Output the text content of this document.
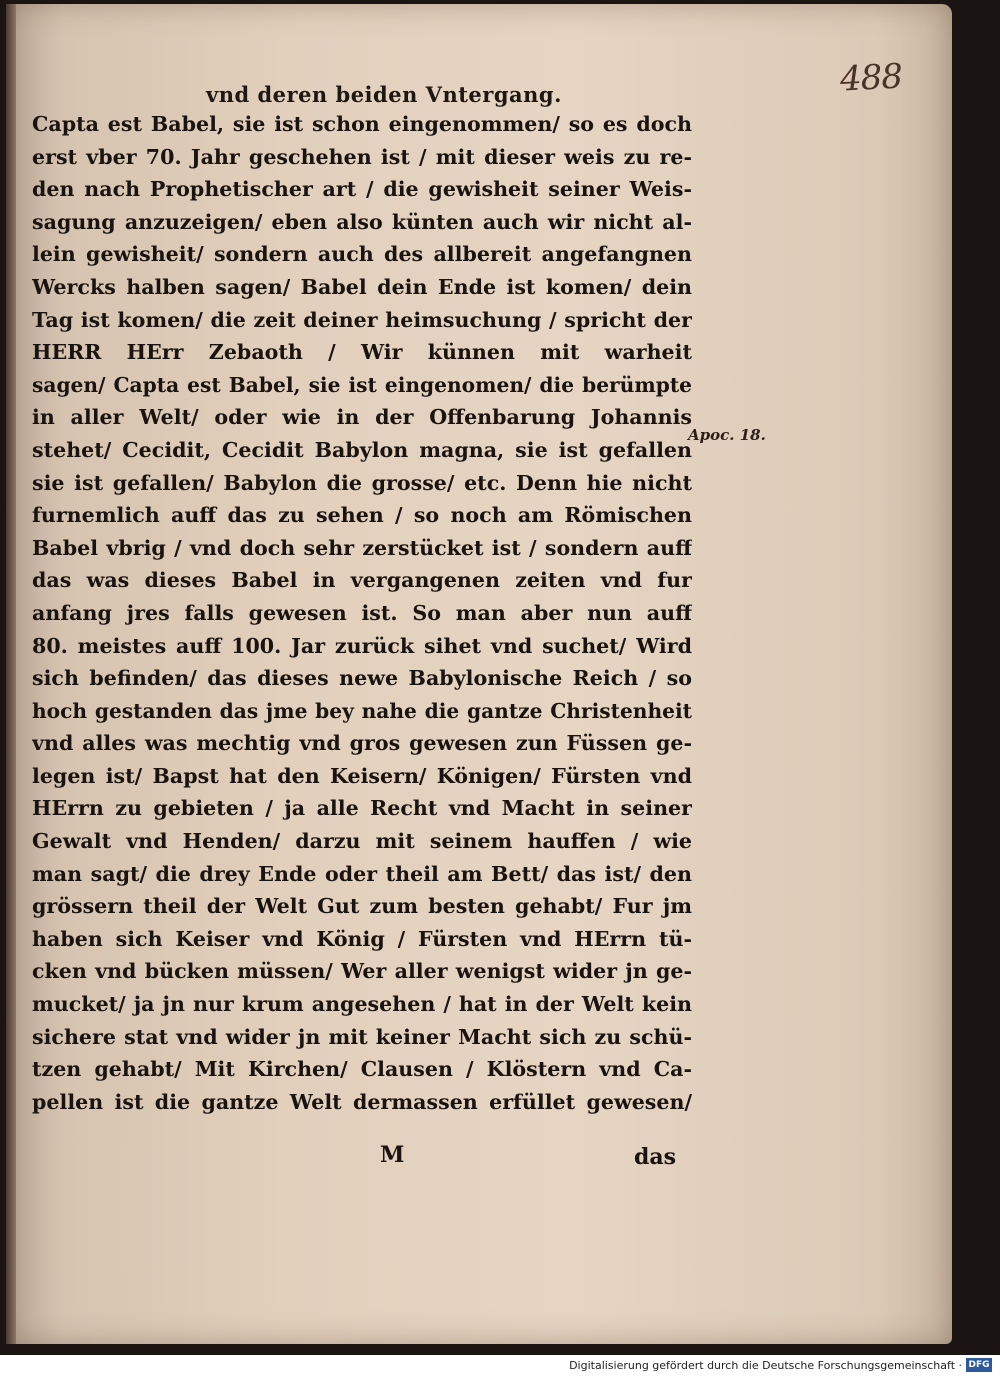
488
vnd deren beiden Vntergang.
Capta est Babel, sie ist schon eingenommen/ so es doch
erst vber 70. Jahr geschehen ist / mit dieser weis zu re-
den nach Prophetischer art / die gewisheit seiner Weis-
sagung anzuzeigen/ eben also künten auch wir nicht al-
lein gewisheit/ sondern auch des allbereit angefangnen
Wercks halben sagen/ Babel dein Ende ist komen/ dein
Tag ist komen/ die zeit deiner heimsuchung / spricht der
HERR HErr Zebaoth / Wir künnen mit warheit
sagen/ Capta est Babel, sie ist eingenomen/ die berümpte
in aller Welt/ oder wie in der Offenbarung Johannis
stehet/ Cecidit, Cecidit Babylon magna, sie ist gefallen
sie ist gefallen/ Babylon die grosse/ etc. Denn hie nicht
furnemlich auff das zu sehen / so noch am Römischen
Babel vbrig / vnd doch sehr zerstücket ist / sondern auff
das was dieses Babel in vergangenen zeiten vnd fur
anfang jres falls gewesen ist. So man aber nun auff
80. meistes auff 100. Jar zurück sihet vnd suchet/ Wird
sich befinden/ das dieses newe Babylonische Reich / so
hoch gestanden das jme bey nahe die gantze Christenheit
vnd alles was mechtig vnd gros gewesen zun Füssen ge-
legen ist/ Bapst hat den Keisern/ Königen/ Fürsten vnd
HErrn zu gebieten / ja alle Recht vnd Macht in seiner
Gewalt vnd Henden/ darzu mit seinem hauffen / wie
man sagt/ die drey Ende oder theil am Bett/ das ist/ den
grössern theil der Welt Gut zum besten gehabt/ Fur jm
haben sich Keiser vnd König / Fürsten vnd HErrn tü-
cken vnd bücken müssen/ Wer aller wenigst wider jn ge-
mucket/ ja jn nur krum angesehen / hat in der Welt kein
sichere stat vnd wider jn mit keiner Macht sich zu schü-
tzen gehabt/ Mit Kirchen/ Clausen / Klöstern vnd Ca-
pellen ist die gantze Welt dermassen erfüllet gewesen/
Apoc. 18.
M	das
Digitalisierung gefördert durch die Deutsche Forschungsgemeinschaft · DFG
